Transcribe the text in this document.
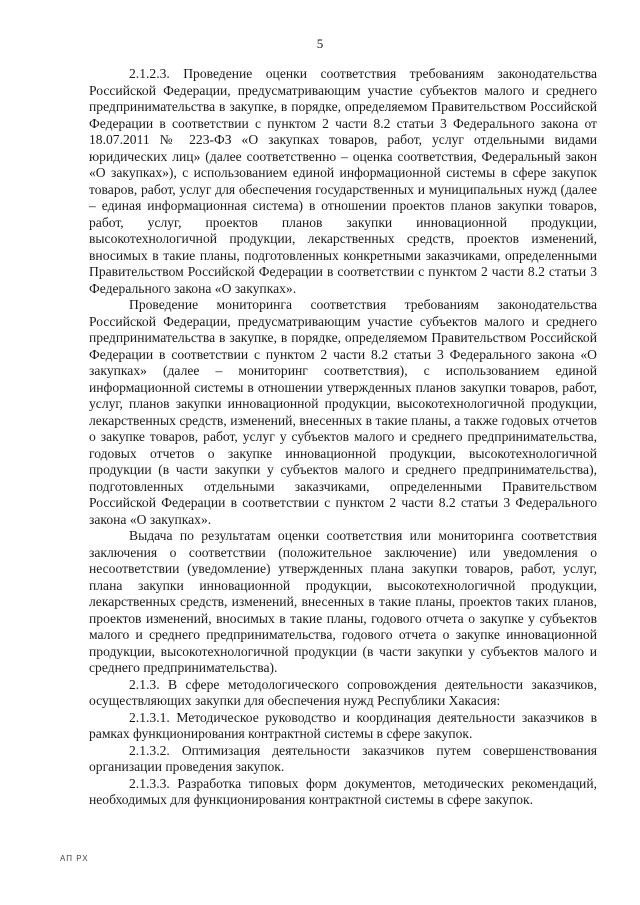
5

2.1.2.3. Проведение оценки соответствия требованиям законодательства Российской Федерации, предусматривающим участие субъектов малого и среднего предпринимательства в закупке, в порядке, определяемом Правительством Российской Федерации в соответствии с пунктом 2 части 8.2 статьи 3 Федерального закона от 18.07.2011 № 223-ФЗ «О закупках товаров, работ, услуг отдельными видами юридических лиц» (далее соответственно – оценка соответствия, Федеральный закон «О закупках»), с использованием единой информационной системы в сфере закупок товаров, работ, услуг для обеспечения государственных и муниципальных нужд (далее – единая информационная система) в отношении проектов планов закупки товаров, работ, услуг, проектов планов закупки инновационной продукции, высокотехнологичной продукции, лекарственных средств, проектов изменений, вносимых в такие планы, подготовленных конкретными заказчиками, определенными Правительством Российской Федерации в соответствии с пунктом 2 части 8.2 статьи 3 Федерального закона «О закупках».

Проведение мониторинга соответствия требованиям законодательства Российской Федерации, предусматривающим участие субъектов малого и среднего предпринимательства в закупке, в порядке, определяемом Правительством Российской Федерации в соответствии с пунктом 2 части 8.2 статьи 3 Федерального закона «О закупках» (далее – мониторинг соответствия), с использованием единой информационной системы в отношении утвержденных планов закупки товаров, работ, услуг, планов закупки инновационной продукции, высокотехнологичной продукции, лекарственных средств, изменений, внесенных в такие планы, а также годовых отчетов о закупке товаров, работ, услуг у субъектов малого и среднего предпринимательства, годовых отчетов о закупке инновационной продукции, высокотехнологичной продукции (в части закупки у субъектов малого и среднего предпринимательства), подготовленных отдельными заказчиками, определенными Правительством Российской Федерации в соответствии с пунктом 2 части 8.2 статьи 3 Федерального закона «О закупках».

Выдача по результатам оценки соответствия или мониторинга соответствия заключения о соответствии (положительное заключение) или уведомления о несоответствии (уведомление) утвержденных плана закупки товаров, работ, услуг, плана закупки инновационной продукции, высокотехнологичной продукции, лекарственных средств, изменений, внесенных в такие планы, проектов таких планов, проектов изменений, вносимых в такие планы, годового отчета о закупке у субъектов малого и среднего предпринимательства, годового отчета о закупке инновационной продукции, высокотехнологичной продукции (в части закупки у субъектов малого и среднего предпринимательства).

2.1.3. В сфере методологического сопровождения деятельности заказчиков, осуществляющих закупки для обеспечения нужд Республики Хакасия:

2.1.3.1. Методическое руководство и координация деятельности заказчиков в рамках функционирования контрактной системы в сфере закупок.

2.1.3.2. Оптимизация деятельности заказчиков путем совершенствования организации проведения закупок.

2.1.3.3. Разработка типовых форм документов, методических рекомендаций, необходимых для функционирования контрактной системы в сфере закупок.

АП РХ
